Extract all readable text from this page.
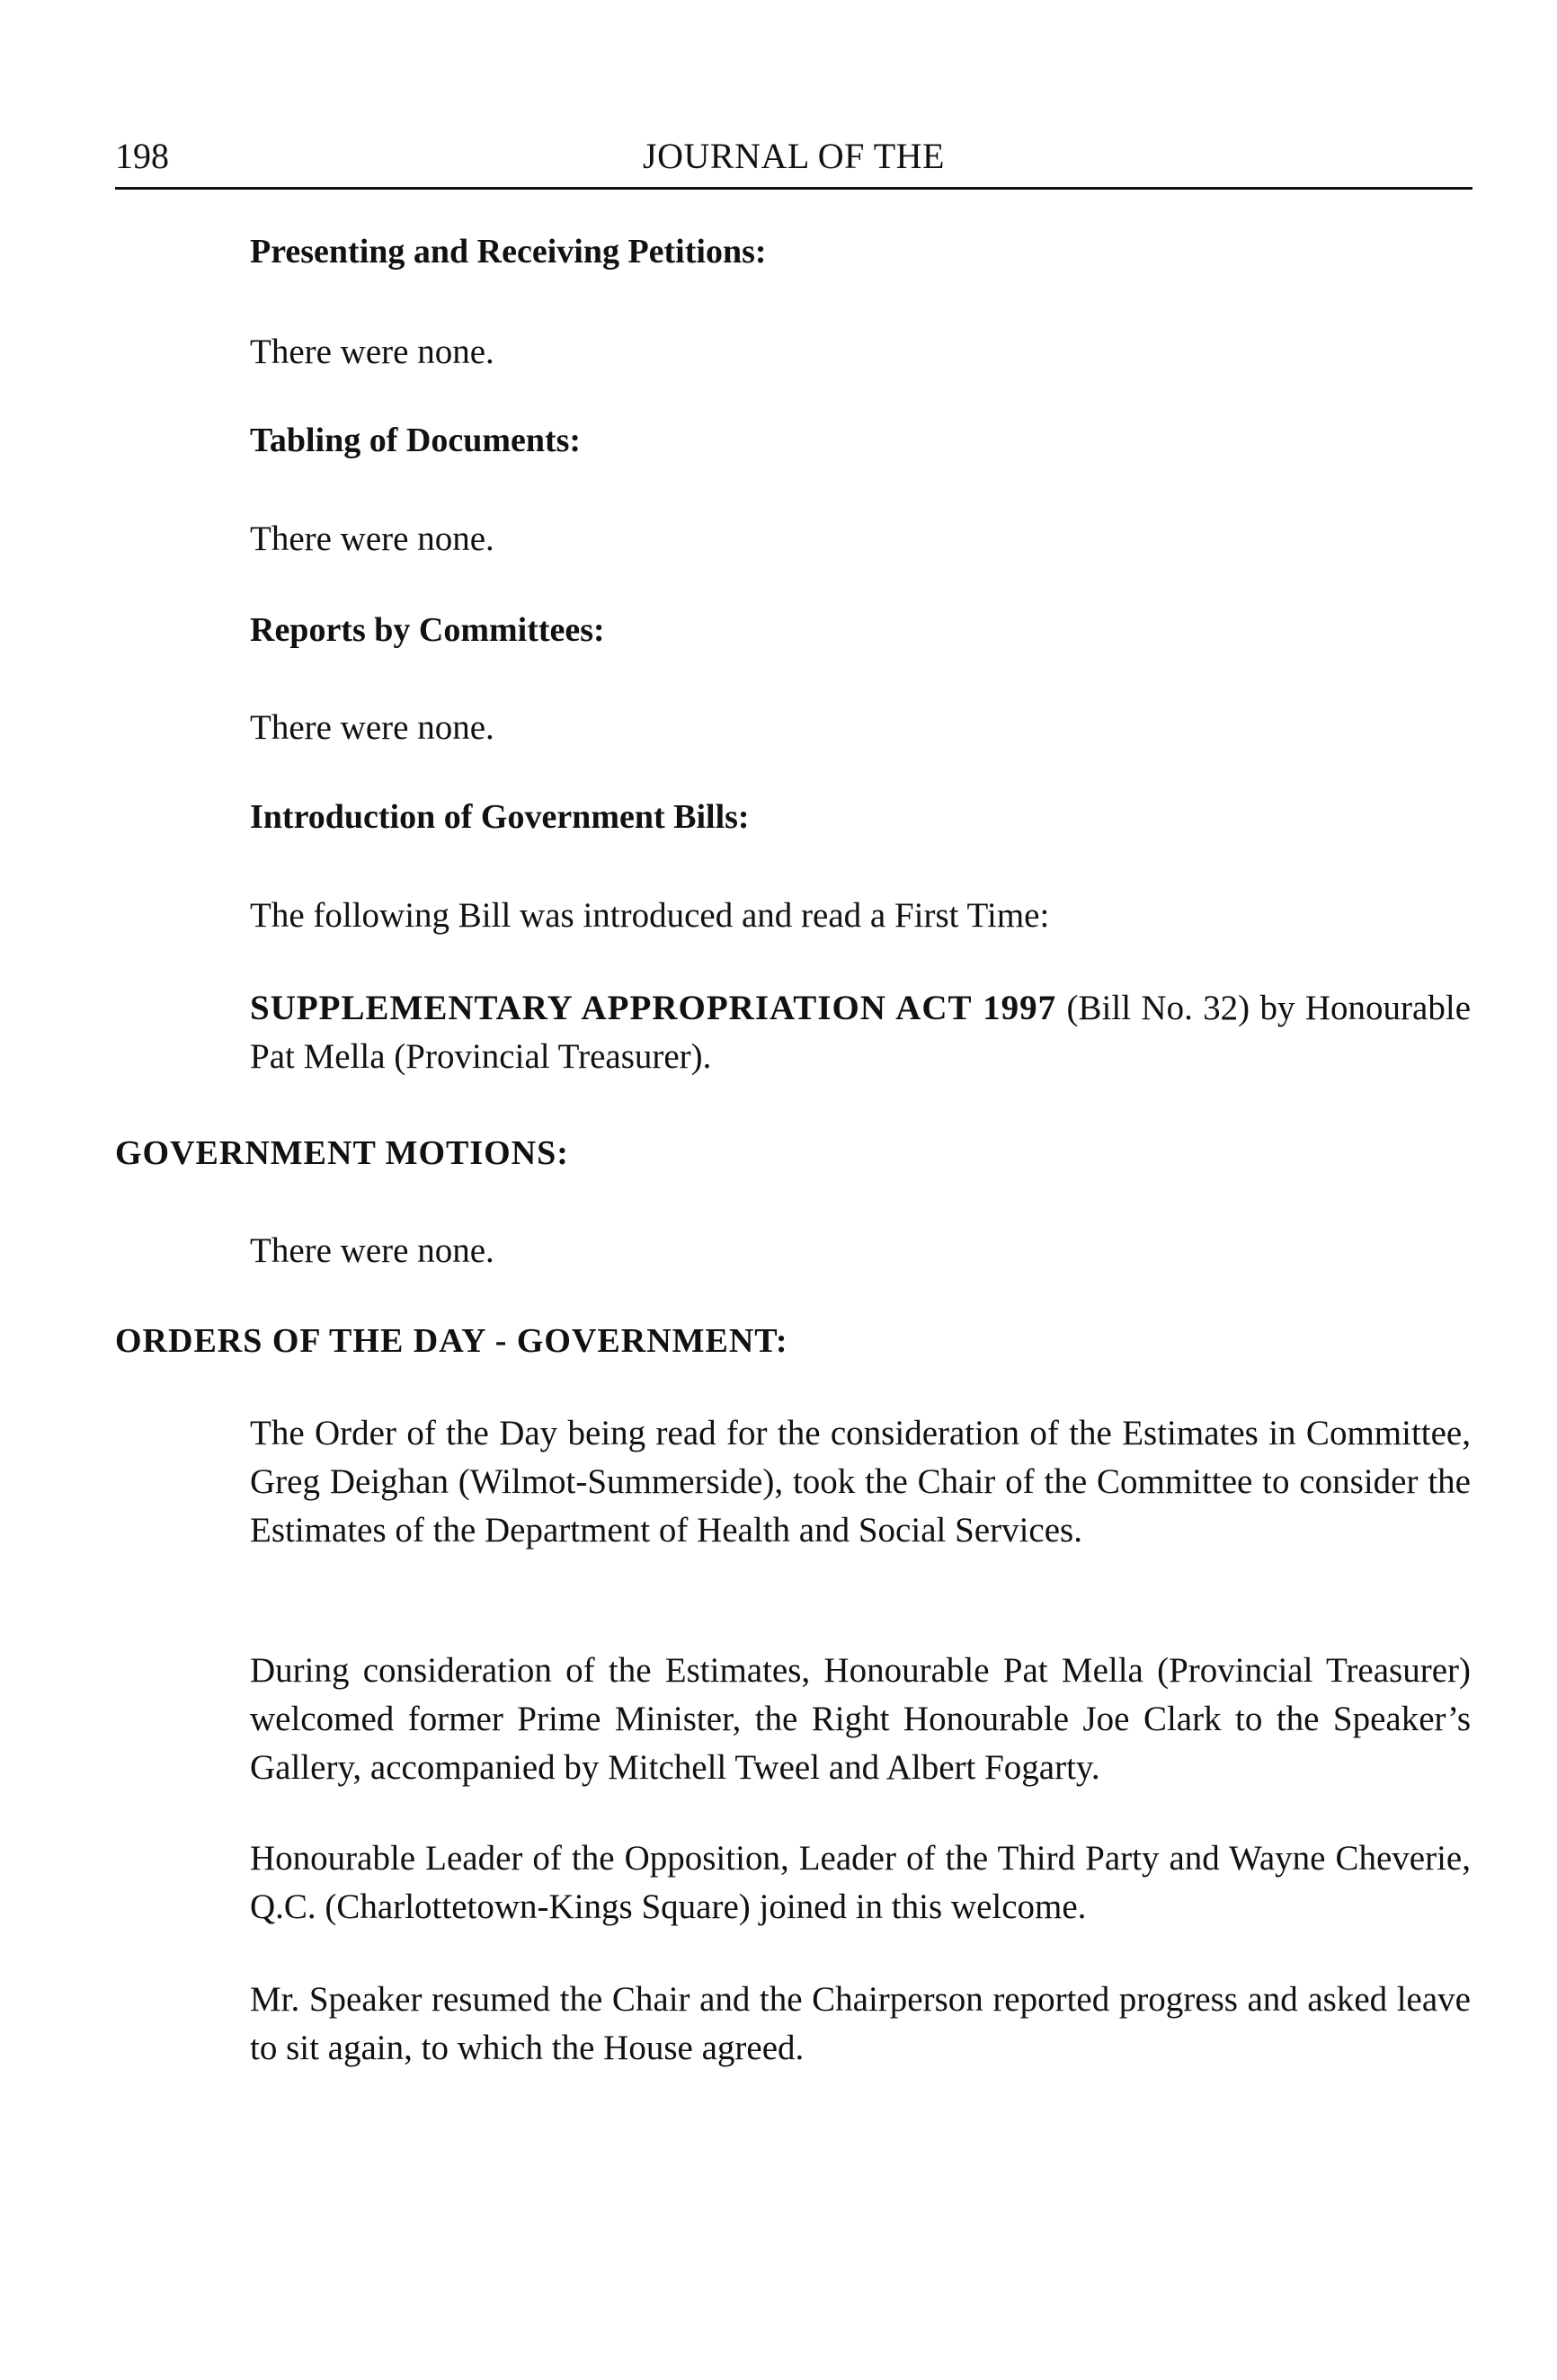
198	JOURNAL OF THE
Presenting and Receiving Petitions:

There were none.

Tabling of Documents:

There were none.

Reports by Committees:

There were none.

Introduction of Government Bills:

The following Bill was introduced and read a First Time:

SUPPLEMENTARY APPROPRIATION ACT 1997 (Bill No. 32) by Honourable Pat Mella (Provincial Treasurer).

GOVERNMENT MOTIONS:

There were none.

ORDERS OF THE DAY - GOVERNMENT:

The Order of the Day being read for the consideration of the Estimates in Committee, Greg Deighan (Wilmot-Summerside), took the Chair of the Committee to consider the Estimates of the Department of Health and Social Services.

During consideration of the Estimates, Honourable Pat Mella (Provincial Treasurer) welcomed former Prime Minister, the Right Honourable Joe Clark to the Speaker’s Gallery, accompanied by Mitchell Tweel and Albert Fogarty.

Honourable Leader of the Opposition, Leader of the Third Party and Wayne Cheverie, Q.C. (Charlottetown-Kings Square) joined in this welcome.

Mr. Speaker resumed the Chair and the Chairperson reported progress and asked leave to sit again, to which the House agreed.
